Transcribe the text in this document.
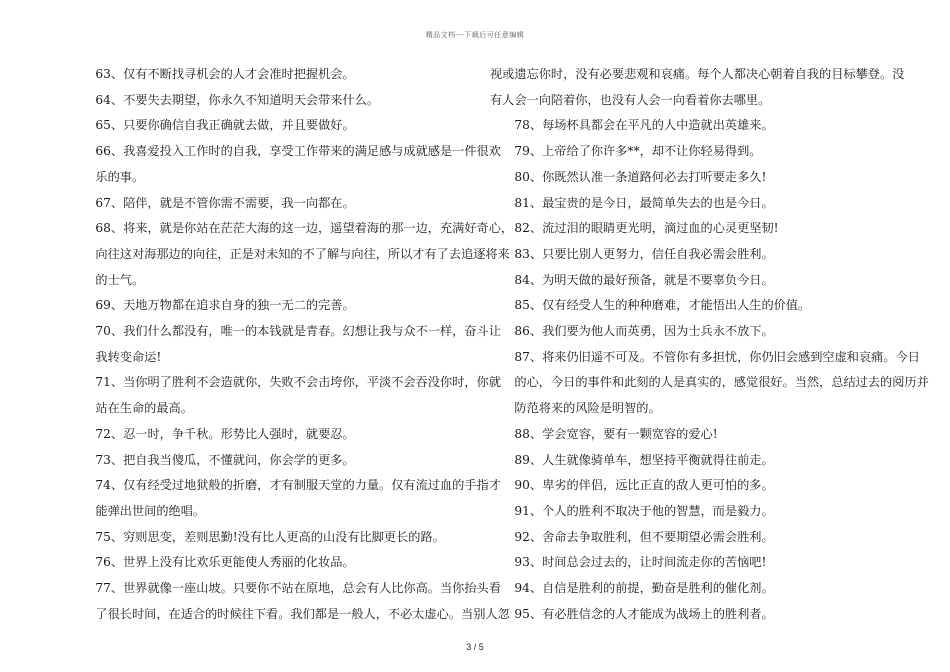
精品文档---下载后可任意编辑
63、仅有不断找寻机会的人才会准时把握机会。
64、不要失去期望，你永久不知道明天会带来什么。
65、只要你确信自我正确就去做，并且要做好。
66、我喜爱投入工作时的自我，享受工作带来的满足感与成就感是一件很欢
乐的事。
67、陪伴，就是不管你需不需要，我一向都在。
68、将来，就是你站在茫茫大海的这一边，遥望着海的那一边，充满好奇心，
向往这对海那边的向往，正是对未知的不了解与向往，所以才有了去追逐将来
的士气。
69、天地万物都在追求自身的独一无二的完善。
70、我们什么都没有，唯一的本钱就是青春。幻想让我与众不一样，奋斗让
我转变命运!
71、当你明了胜利不会造就你，失败不会击垮你，平淡不会吞没你时，你就
站在生命的最高。
72、忍一时，争千秋。形势比人强时，就要忍。
73、把自我当傻瓜，不懂就问，你会学的更多。
74、仅有经受过地狱般的折磨，才有制服天堂的力量。仅有流过血的手指才
能弹出世间的绝唱。
75、穷则思变，差则思勤!没有比人更高的山没有比脚更长的路。
76、世界上没有比欢乐更能使人秀丽的化妆品。
77、世界就像一座山坡。只要你不站在原地，总会有人比你高。当你抬头看
了很长时间，在适合的时候往下看。我们都是一般人，不必太虚心。当别人忽
视或遗忘你时，没有必要悲观和哀痛。每个人都决心朝着自我的目标攀登。没
有人会一向陪着你，也没有人会一向看着你去哪里。
78、每场杯具都会在平凡的人中造就出英雄来。
79、上帝给了你许多**，却不让你轻易得到。
80、你既然认准一条道路何必去打听要走多久!
81、最宝贵的是今日，最简单失去的也是今日。
82、流过泪的眼睛更光明，滴过血的心灵更坚韧!
83、只要比别人更努力，信任自我必需会胜利。
84、为明天做的最好预备，就是不要辜负今日。
85、仅有经受人生的种种磨难，才能悟出人生的价值。
86、我们要为他人而英勇，因为士兵永不放下。
87、将来仍旧遥不可及。不管你有多担忧，你仍旧会感到空虚和哀痛。今日
的心，今日的事件和此刻的人是真实的，感觉很好。当然，总结过去的阅历并
防范将来的风险是明智的。
88、学会宽容，要有一颗宽容的爱心!
89、人生就像骑单车，想坚持平衡就得往前走。
90、卑劣的伴侣，远比正直的敌人更可怕的多。
91、个人的胜利不取决于他的智慧，而是毅力。
92、舍命去争取胜利，但不要期望必需会胜利。
93、时间总会过去的，让时间流走你的苦恼吧!
94、自信是胜利的前提，勤奋是胜利的催化剂。
95、有必胜信念的人才能成为战场上的胜利者。
3 / 5
